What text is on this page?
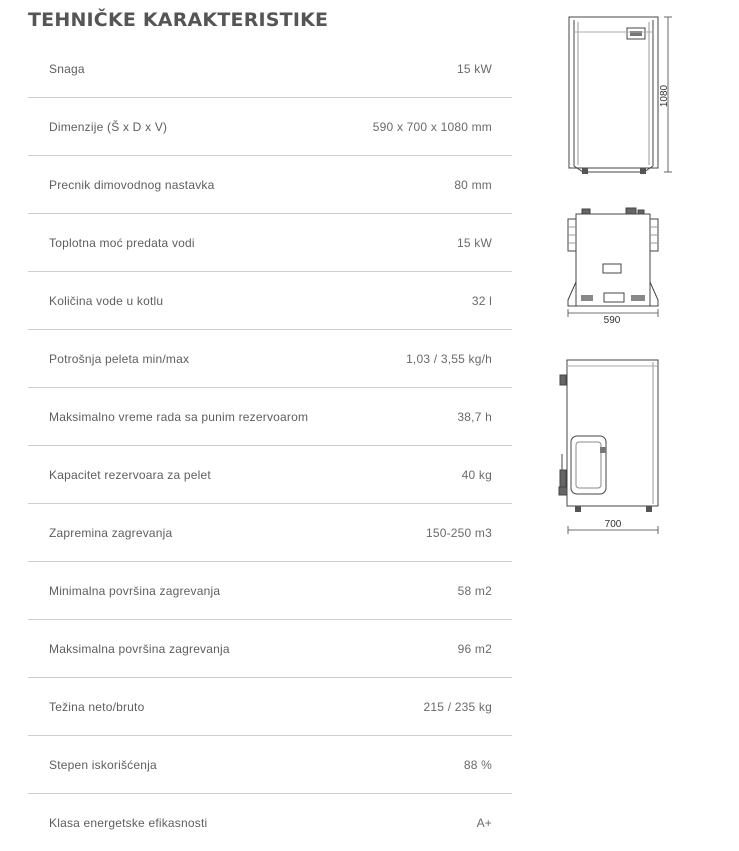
TEHNIČKE KARAKTERISTIKE
Snaga	15 kW
Dimenzije (Š x D x V)	590 x 700 x 1080 mm
Precnik dimovodnog nastavka	80 mm
Toplotna moć predata vodi	15 kW
Količina vode u kotlu	32 l
Potrošnja peleta min/max	1,03 / 3,55 kg/h
Maksimalno vreme rada sa punim rezervoarom	38,7 h
Kapacitet rezervoara za pelet	40 kg
Zapremina zagrevanja	150-250 m3
Minimalna površina zagrevanja	58 m2
Maksimalna površina zagrevanja	96 m2
Težina neto/bruto	215 / 235 kg
Stepen iskorišćenja	88 %
Klasa energetske efikasnosti	A+
1080
590
700
